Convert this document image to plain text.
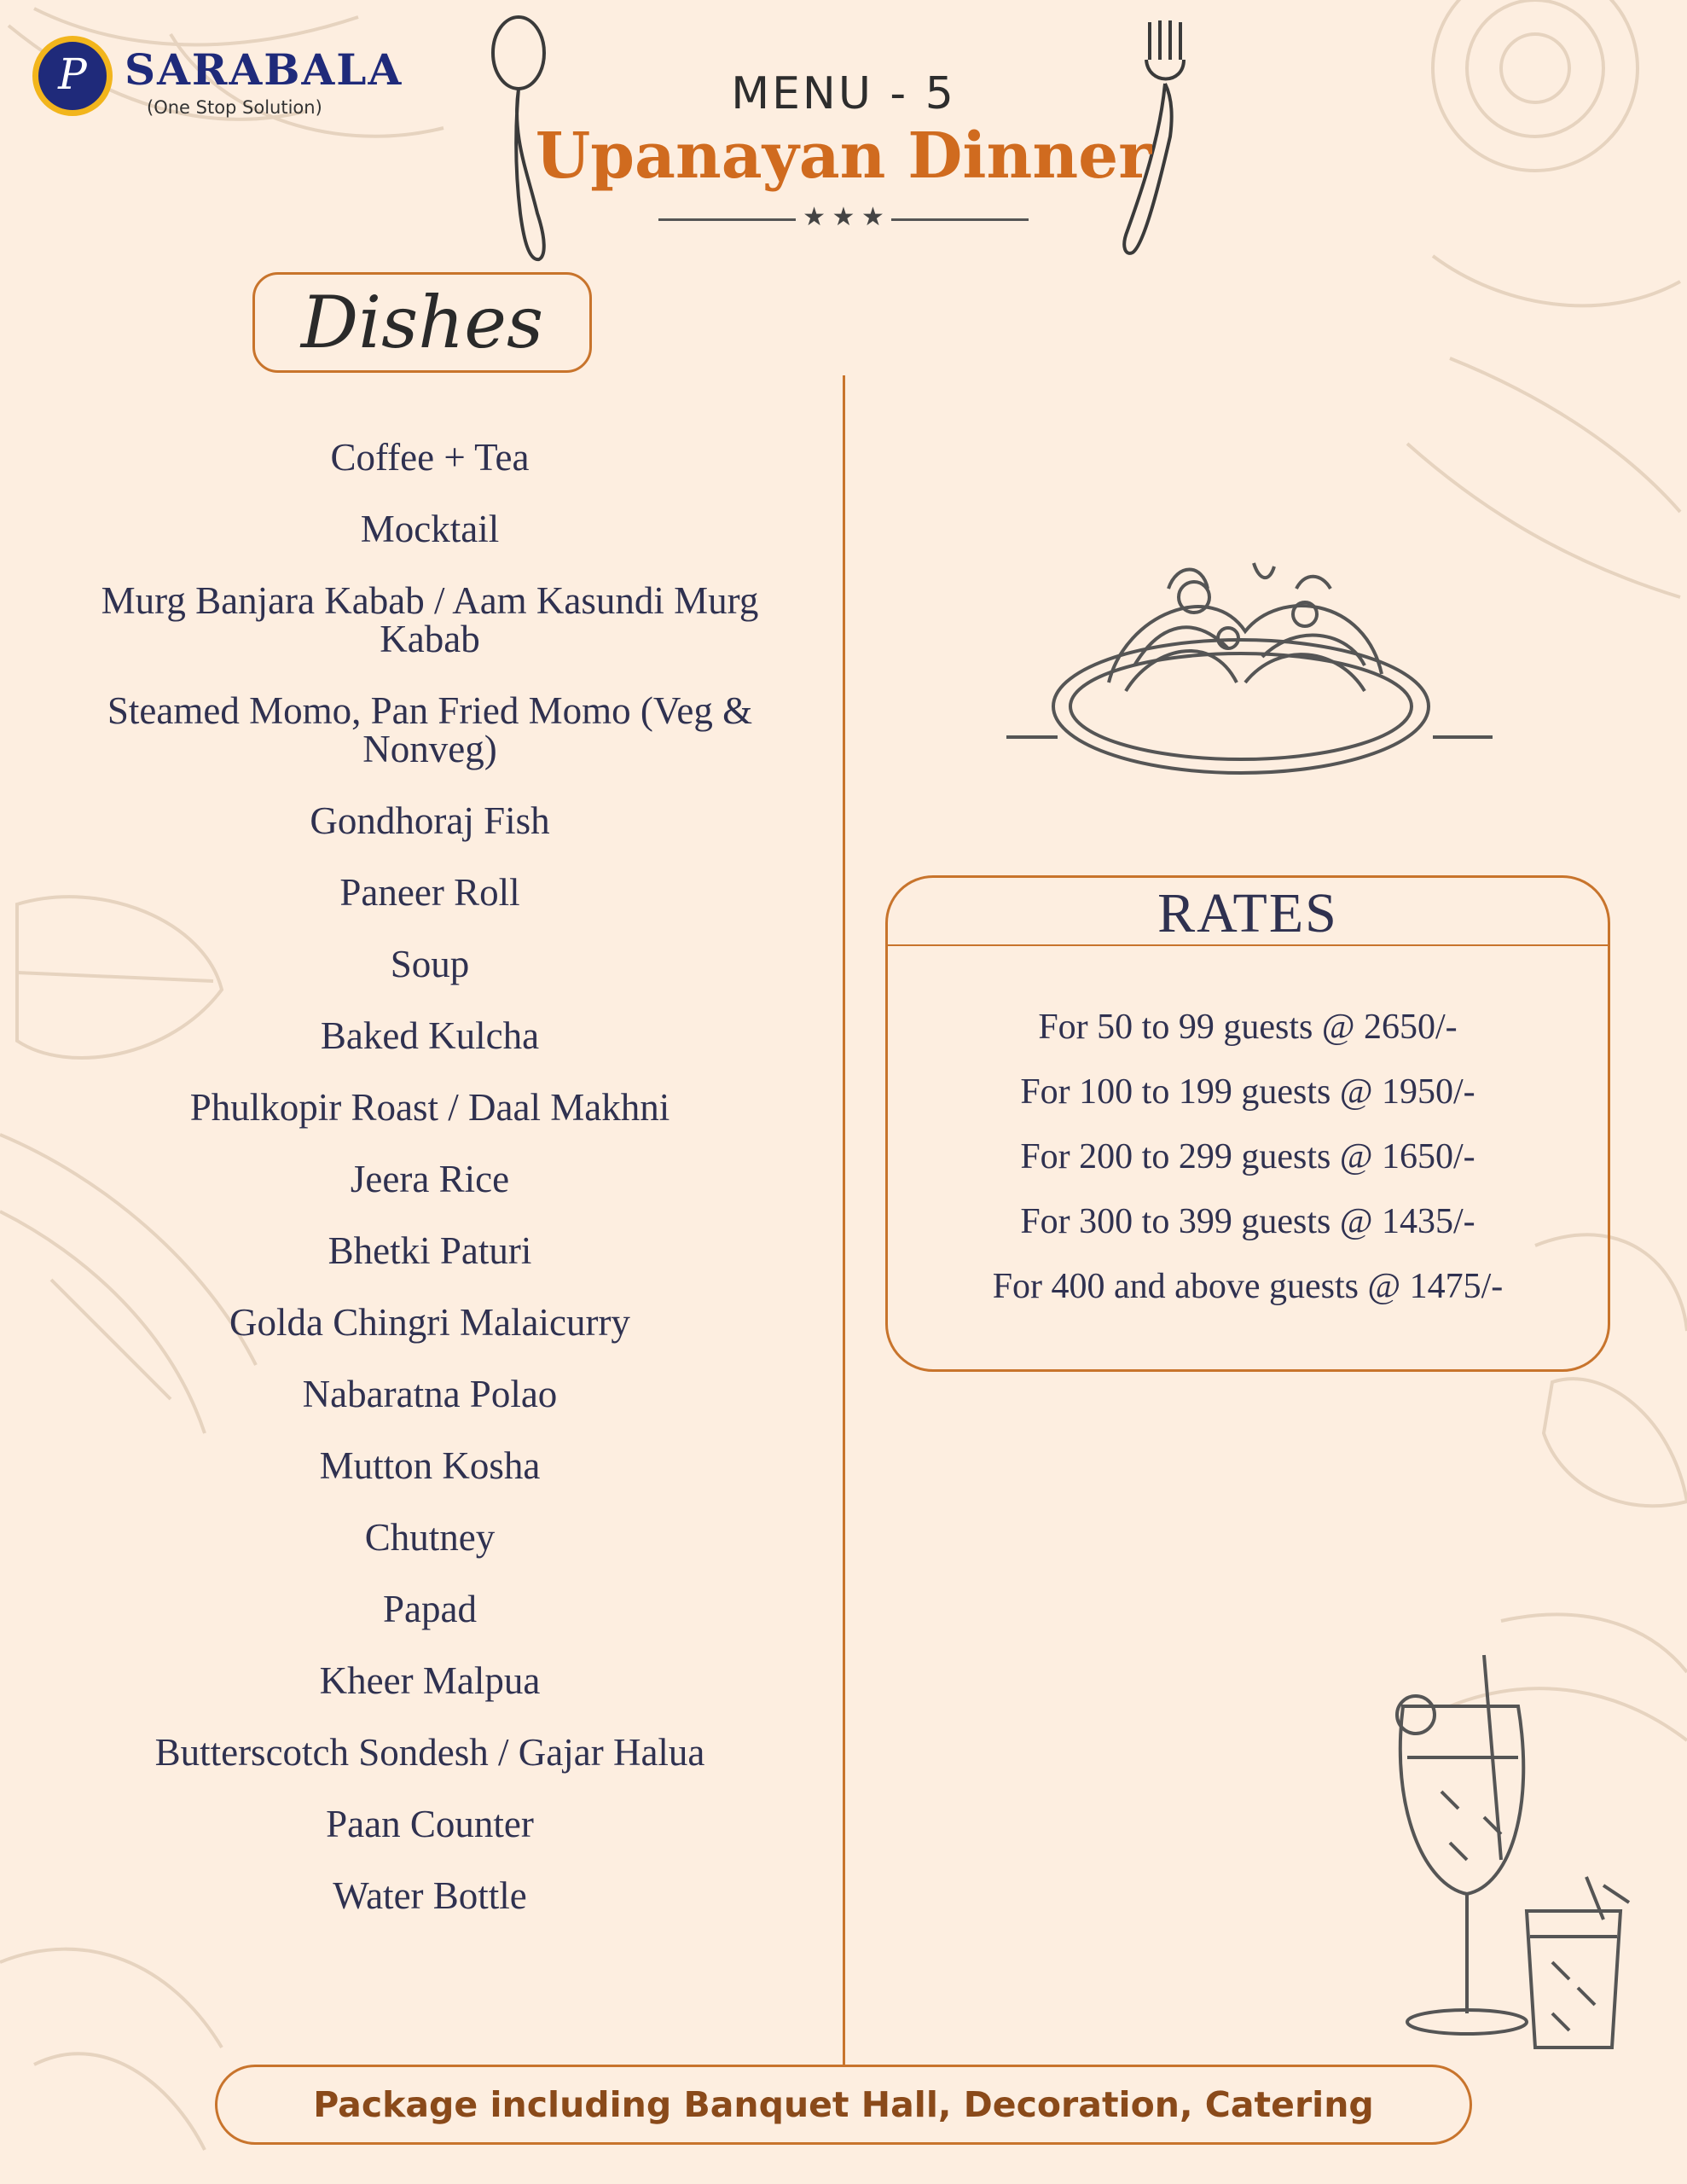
P SARABALA
(One Stop Solution)	MENU - 5
Upanayan Dinner
★ ★ ★
Dishes
Coffee + Tea
Mocktail
Murg Banjara Kabab / Aam Kasundi Murg Kabab
Steamed Momo, Pan Fried Momo (Veg & Nonveg)
Gondhoraj Fish
Paneer Roll
Soup
Baked Kulcha
Phulkopir Roast / Daal Makhni
Jeera Rice
Bhetki Paturi
Golda Chingri Malaicurry
Nabaratna Polao
Mutton Kosha
Chutney
Papad
Kheer Malpua
Butterscotch Sondesh / Gajar Halua
Paan Counter
Water Bottle
RATES
For 50 to 99 guests @ 2650/-
For 100 to 199 guests @ 1950/-
For 200 to 299 guests @ 1650/-
For 300 to 399 guests @ 1435/-
For 400 and above guests @ 1475/-
Package including Banquet Hall, Decoration, Catering
